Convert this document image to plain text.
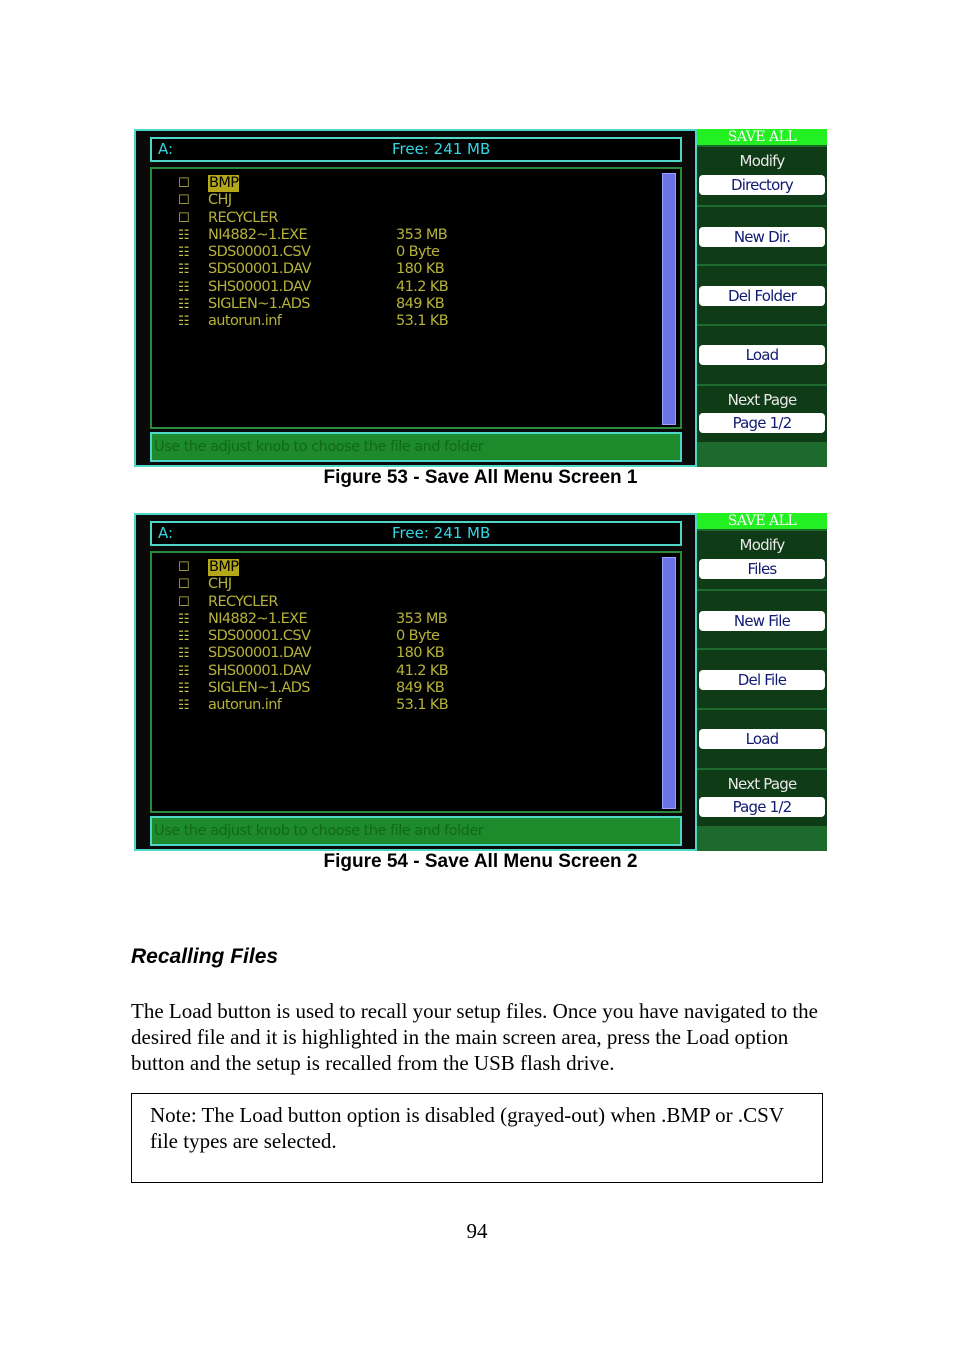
A:	Free: 241 MB
☐	BMP
☐	CHJ
☐	RECYCLER
☷	NI4882~1.EXE	353 MB
☷	SDS00001.CSV	0 Byte
☷	SDS00001.DAV	180 KB
☷	SHS00001.DAV	41.2 KB
☷	SIGLEN~1.ADS	849 KB
☷	autorun.inf	53.1 KB
Use the adjust knob to choose the file and folder
SAVE ALL
Modify
Directory
New Dir.
Del Folder
Load
Next Page
Page 1/2
Figure 53 - Save All Menu Screen 1
A:	Free: 241 MB
☐	BMP
☐	CHJ
☐	RECYCLER
☷	NI4882~1.EXE	353 MB
☷	SDS00001.CSV	0 Byte
☷	SDS00001.DAV	180 KB
☷	SHS00001.DAV	41.2 KB
☷	SIGLEN~1.ADS	849 KB
☷	autorun.inf	53.1 KB
Use the adjust knob to choose the file and folder
SAVE ALL
Modify
Files
New File
Del File
Load
Next Page
Page 1/2
Figure 54 - Save All Menu Screen 2
Recalling Files
The Load button is used to recall your setup files. Once you have navigated to the desired file and it is highlighted in the main screen area, press the Load option button and the setup is recalled from the USB flash drive.
Note: The Load button option is disabled (grayed-out) when .BMP or .CSV file types are selected.
94
